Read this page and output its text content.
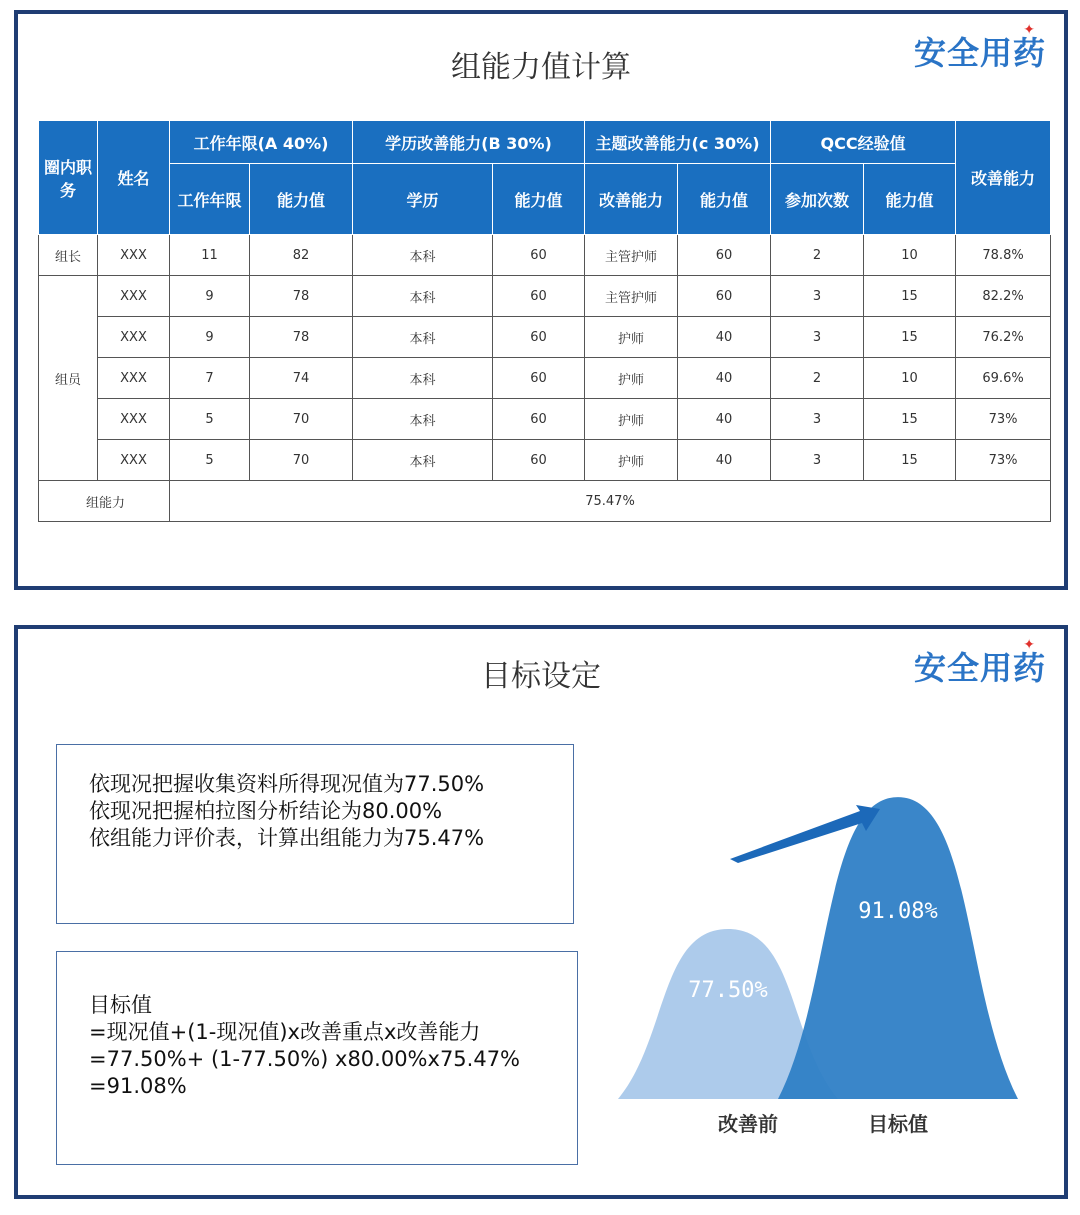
组能力值计算	安全用药
✦
圈内职务	姓名	工作年限(A 40%)		学历改善能力(B 30%)		主题改善能力(c 30%)		QCC经验值		改善能力
		工作年限	能力值	学历	能力值	改善能力	能力值	参加次数	能力值	
组长	XXX	11	82	本科	60	主管护师	60	2	10	78.8%
组员	XXX	9	78	本科	60	主管护师	60	3	15	82.2%
	XXX	9	78	本科	60	护师	40	3	15	76.2%
	XXX	7	74	本科	60	护师	40	2	10	69.6%
	XXX	5	70	本科	60	护师	40	3	15	73%
	XXX	5	70	本科	60	护师	40	3	15	73%
组能力		75.47%								
目标设定	安全用药
✦
依现况把握收集资料所得现况值为77.50%
依现况把握柏拉图分析结论为80.00%
依组能力评价表，计算出组能力为75.47%
目标值
=现况值+(1-现况值)x改善重点x改善能力
=77.50%+ (1-77.50%) x80.00%x75.47%
=91.08%
77.50%
91.08%
改善前	目标值
